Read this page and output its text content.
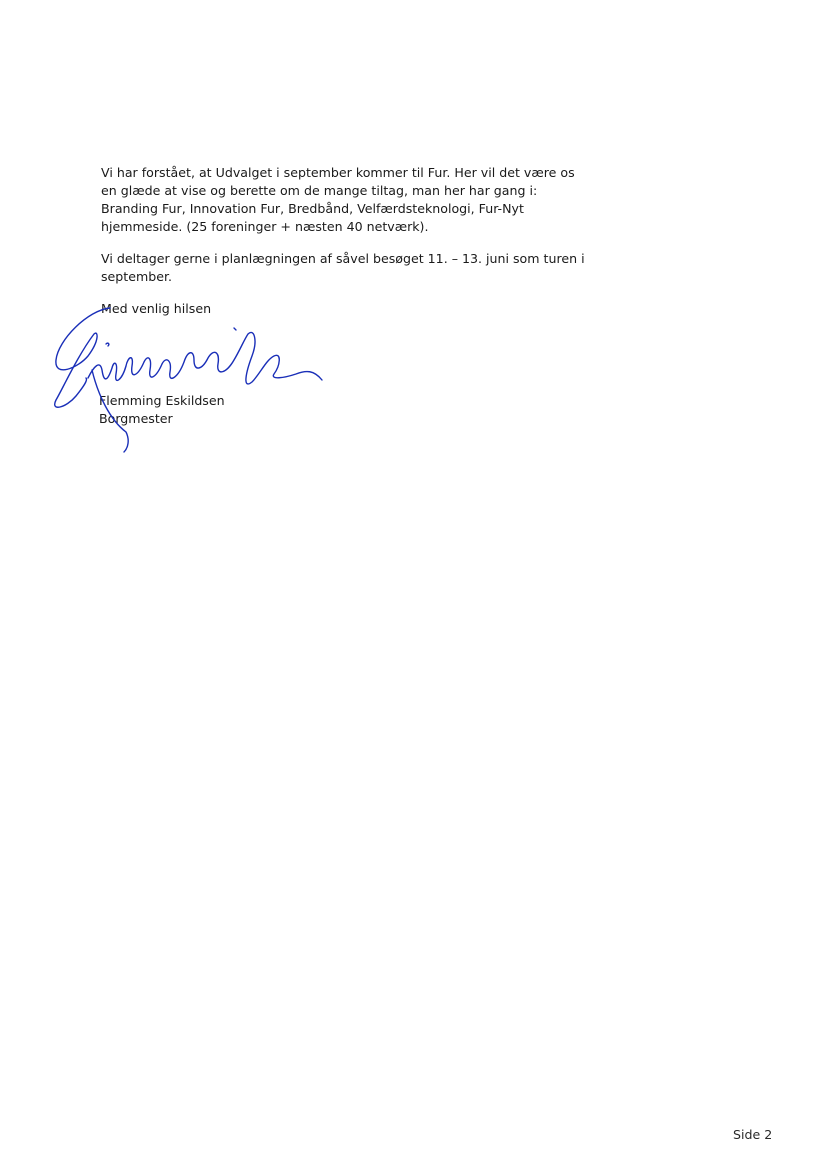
Vi har forstået, at Udvalget i september kommer til Fur. Her vil det være os
en glæde at vise og berette om de mange tiltag, man her har gang i:
Branding Fur, Innovation Fur, Bredbånd, Velfærdsteknologi, Fur-Nyt
hjemmeside. (25 foreninger + næsten 40 netværk).

Vi deltager gerne i planlægningen af såvel besøget 11. – 13. juni som turen i
september.

Med venlig hilsen

Flemming Eskildsen

Borgmester

Side 2
